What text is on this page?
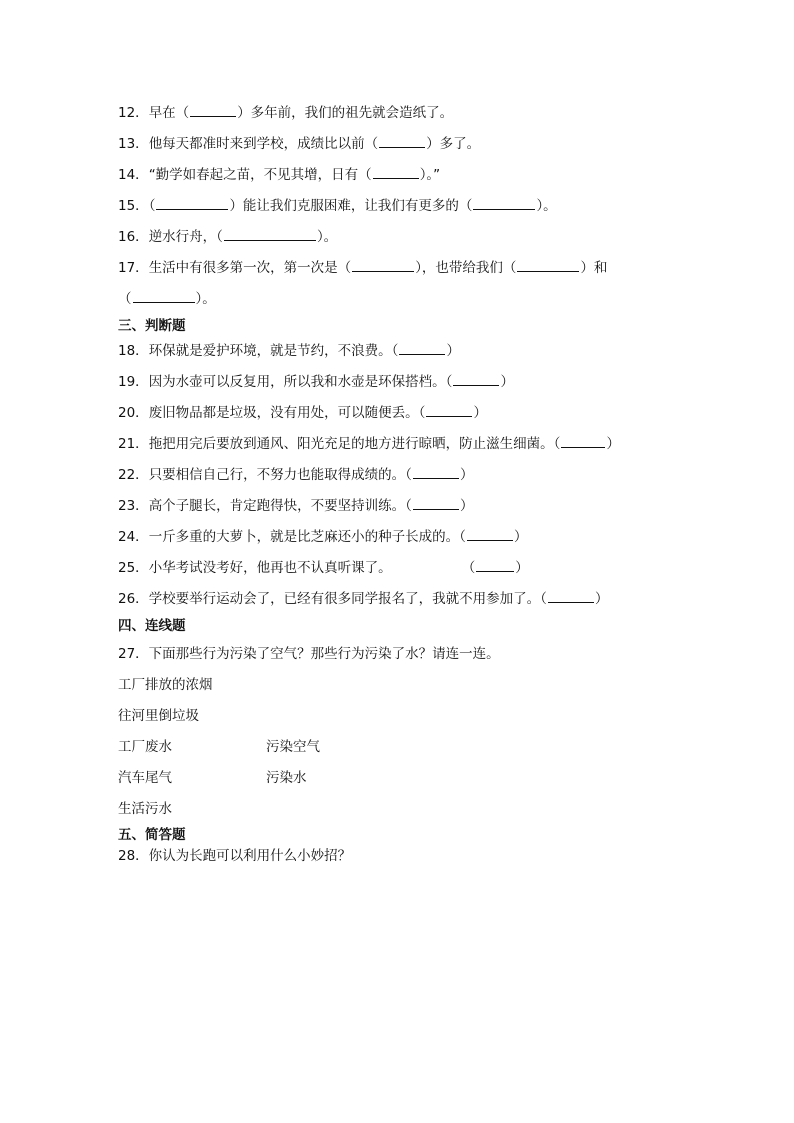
12．早在（	）多年前，我们的祖先就会造纸了。
13．他每天都准时来到学校，成绩比以前（	）多了。
14．“勤学如春起之苗，不见其增，日有（	）。”
15．（	）能让我们克服困难，让我们有更多的（	）。
16．逆水行舟，（	）。
17．生活中有很多第一次，第一次是（	），也带给我们（	）和
（	）。
三、判断题
18．环保就是爱护环境，就是节约，不浪费。（	）
19．因为水壶可以反复用，所以我和水壶是环保搭档。（	）
20．废旧物品都是垃圾，没有用处，可以随便丢。（	）
21．拖把用完后要放到通风、阳光充足的地方进行晾晒，防止滋生细菌。（	）
22．只要相信自己行，不努力也能取得成绩的。（	）
23．高个子腿长，肯定跑得快，不要坚持训练。（	）
24．一斤多重的大萝卜，就是比芝麻还小的种子长成的。（	）
25．小华考试没考好，他再也不认真听课了。	（	）
26．学校要举行运动会了，已经有很多同学报名了，我就不用参加了。（	）
四、连线题
27．下面那些行为污染了空气？那些行为污染了水？请连一连。
工厂排放的浓烟
往河里倒垃圾
工厂废水	污染空气
汽车尾气	污染水
生活污水
五、简答题
28．你认为长跑可以利用什么小妙招？
